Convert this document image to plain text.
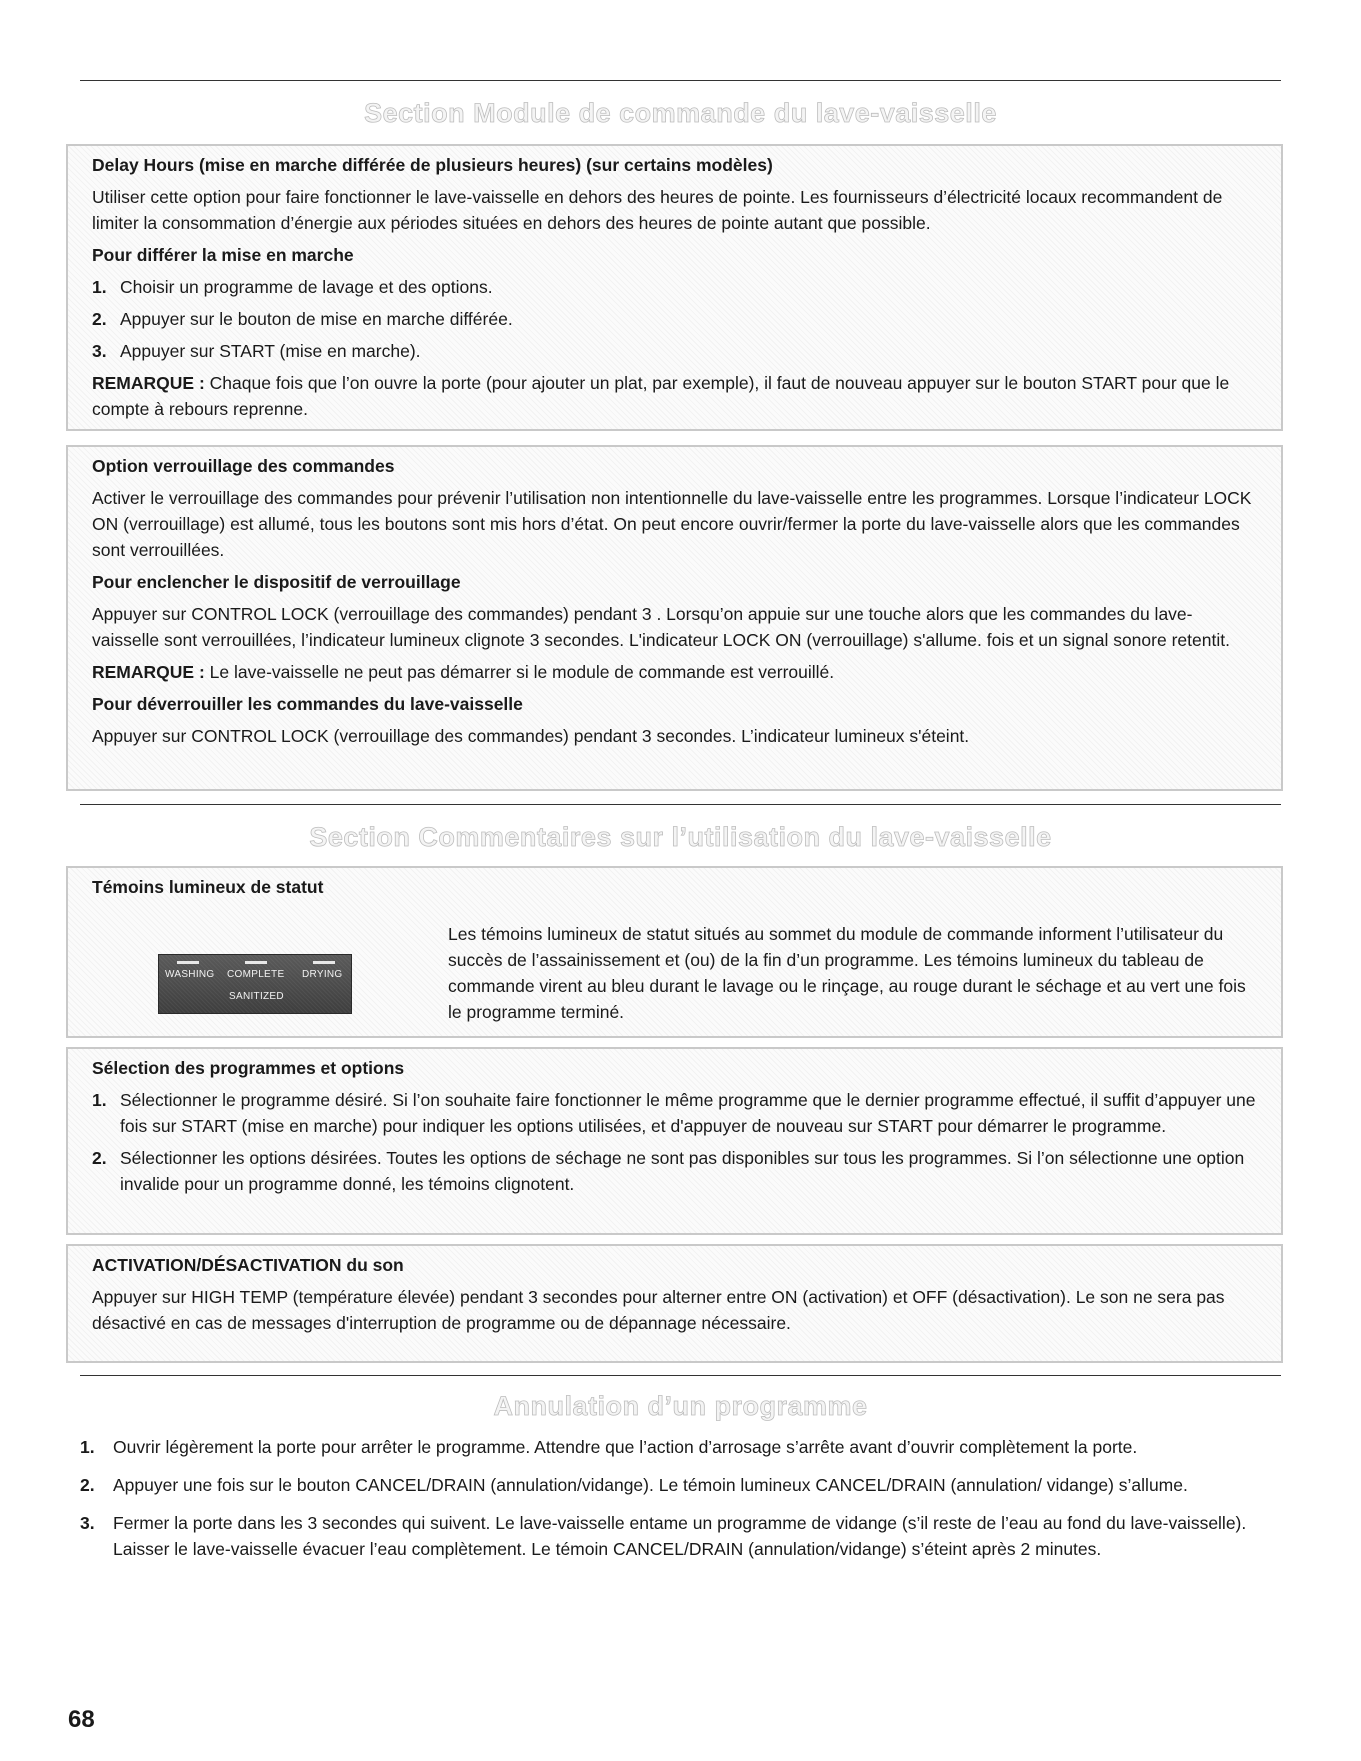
Section Module de commande du lave-vaisselle
Delay Hours (mise en marche différée de plusieurs heures) (sur certains modèles)
Utiliser cette option pour faire fonctionner le lave-vaisselle en dehors des heures de pointe. Les fournisseurs d’électricité locaux recommandent de limiter la consommation d’énergie aux périodes situées en dehors des heures de pointe autant que possible.
Pour différer la mise en marche
1. Choisir un programme de lavage et des options.
2. Appuyer sur le bouton de mise en marche différée.
3. Appuyer sur START (mise en marche).
REMARQUE : Chaque fois que l’on ouvre la porte (pour ajouter un plat, par exemple), il faut de nouveau appuyer sur le bouton START pour que le compte à rebours reprenne.
Option verrouillage des commandes
Activer le verrouillage des commandes pour prévenir l’utilisation non intentionnelle du lave-vaisselle entre les programmes. Lorsque l’indicateur LOCK ON (verrouillage) est allumé, tous les boutons sont mis hors d’état. On peut encore ouvrir/fermer la porte du lave-vaisselle alors que les commandes sont verrouillées.
Pour enclencher le dispositif de verrouillage
Appuyer sur CONTROL LOCK (verrouillage des commandes) pendant 3 . Lorsqu’on appuie sur une touche alors que les commandes du lave-vaisselle sont verrouillées, l’indicateur lumineux clignote 3 secondes. L'indicateur LOCK ON (verrouillage) s'allume. fois et un signal sonore retentit.
REMARQUE : Le lave-vaisselle ne peut pas démarrer si le module de commande est verrouillé.
Pour déverrouiller les commandes du lave-vaisselle
Appuyer sur CONTROL LOCK (verrouillage des commandes) pendant 3 secondes. L’indicateur lumineux s'éteint.
Section Commentaires sur l’utilisation du lave-vaisselle
Témoins lumineux de statut
Les témoins lumineux de statut situés au sommet du module de commande informent l’utilisateur du succès de l’assainissement et (ou) de la fin d’un programme. Les témoins lumineux du tableau de commande virent au bleu durant le lavage ou le rinçage, au rouge durant le séchage et au vert une fois le programme terminé.
WASHING COMPLETE DRYING
SANITIZED
Sélection des programmes et options
1. Sélectionner le programme désiré. Si l’on souhaite faire fonctionner le même programme que le dernier programme effectué, il suffit d’appuyer une fois sur START (mise en marche) pour indiquer les options utilisées, et d'appuyer de nouveau sur START pour démarrer le programme.
2. Sélectionner les options désirées. Toutes les options de séchage ne sont pas disponibles sur tous les programmes. Si l’on sélectionne une option invalide pour un programme donné, les témoins clignotent.
ACTIVATION/DÉSACTIVATION du son
Appuyer sur HIGH TEMP (température élevée) pendant 3 secondes pour alterner entre ON (activation) et OFF (désactivation). Le son ne sera pas désactivé en cas de messages d'interruption de programme ou de dépannage nécessaire.
Annulation d’un programme
1.	Ouvrir légèrement la porte pour arrêter le programme. Attendre que l’action d’arrosage s’arrête avant d’ouvrir complètement la porte.
2.	Appuyer une fois sur le bouton CANCEL/DRAIN (annulation/vidange). Le témoin lumineux CANCEL/DRAIN (annulation/ vidange) s’allume.
3.	Fermer la porte dans les 3 secondes qui suivent. Le lave-vaisselle entame un programme de vidange (s’il reste de l’eau au fond du lave-vaisselle). Laisser le lave-vaisselle évacuer l’eau complètement. Le témoin CANCEL/DRAIN (annulation/vidange) s’éteint après 2 minutes.
68
